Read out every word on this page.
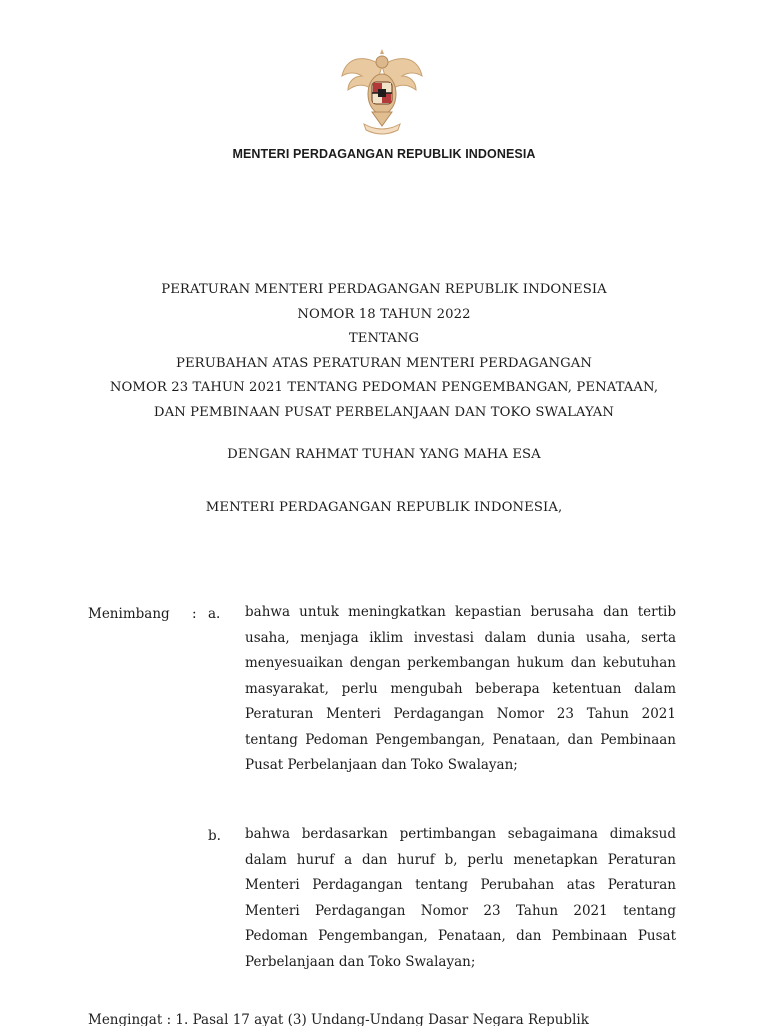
MENTERI PERDAGANGAN REPUBLIK INDONESIA
PERATURAN MENTERI PERDAGANGAN REPUBLIK INDONESIA
NOMOR 18 TAHUN 2022
TENTANG
PERUBAHAN ATAS PERATURAN MENTERI PERDAGANGAN
NOMOR 23 TAHUN 2021 TENTANG PEDOMAN PENGEMBANGAN, PENATAAN,
DAN PEMBINAAN PUSAT PERBELANJAAN DAN TOKO SWALAYAN
DENGAN RAHMAT TUHAN YANG MAHA ESA
MENTERI PERDAGANGAN REPUBLIK INDONESIA,
Menimbang : a. bahwa untuk meningkatkan kepastian berusaha dan tertib usaha, menjaga iklim investasi dalam dunia usaha, serta menyesuaikan dengan perkembangan hukum dan kebutuhan masyarakat, perlu mengubah beberapa ketentuan dalam Peraturan Menteri Perdagangan Nomor 23 Tahun 2021 tentang Pedoman Pengembangan, Penataan, dan Pembinaan Pusat Perbelanjaan dan Toko Swalayan;
b. bahwa berdasarkan pertimbangan sebagaimana dimaksud dalam huruf a dan huruf b, perlu menetapkan Peraturan Menteri Perdagangan tentang Perubahan atas Peraturan Menteri Perdagangan Nomor 23 Tahun 2021 tentang Pedoman Pengembangan, Penataan, dan Pembinaan Pusat Perbelanjaan dan Toko Swalayan;
Mengingat : 1. Pasal 17 ayat (3) Undang-Undang Dasar Negara Republik
